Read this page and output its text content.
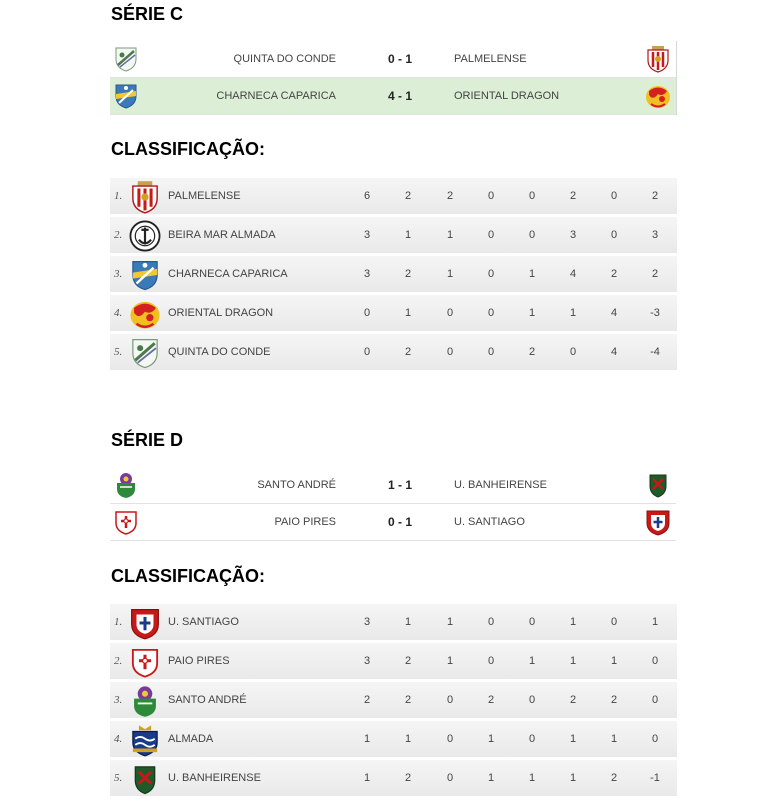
SÉRIE C
QUINTA DO CONDE	0 - 1	PALMELENSE
CHARNECA CAPARICA	4 - 1	ORIENTAL DRAGON
CLASSIFICAÇÃO:
1.	PALMELENSE	6	2	2	0	0	2	0	2
2.	BEIRA MAR ALMADA	3	1	1	0	0	3	0	3
3.	CHARNECA CAPARICA	3	2	1	0	1	4	2	2
4.	ORIENTAL DRAGON	0	1	0	0	1	1	4	-3
5.	QUINTA DO CONDE	0	2	0	0	2	0	4	-4
SÉRIE D
SANTO ANDRÉ	1 - 1	U. BANHEIRENSE
PAIO PIRES	0 - 1	U. SANTIAGO
CLASSIFICAÇÃO:
1.	U. SANTIAGO	3	1	1	0	0	1	0	1
2.	PAIO PIRES	3	2	1	0	1	1	1	0
3.	SANTO ANDRÉ	2	2	0	2	0	2	2	0
4.	ALMADA	1	1	0	1	0	1	1	0
5.	U. BANHEIRENSE	1	2	0	1	1	1	2	-1
